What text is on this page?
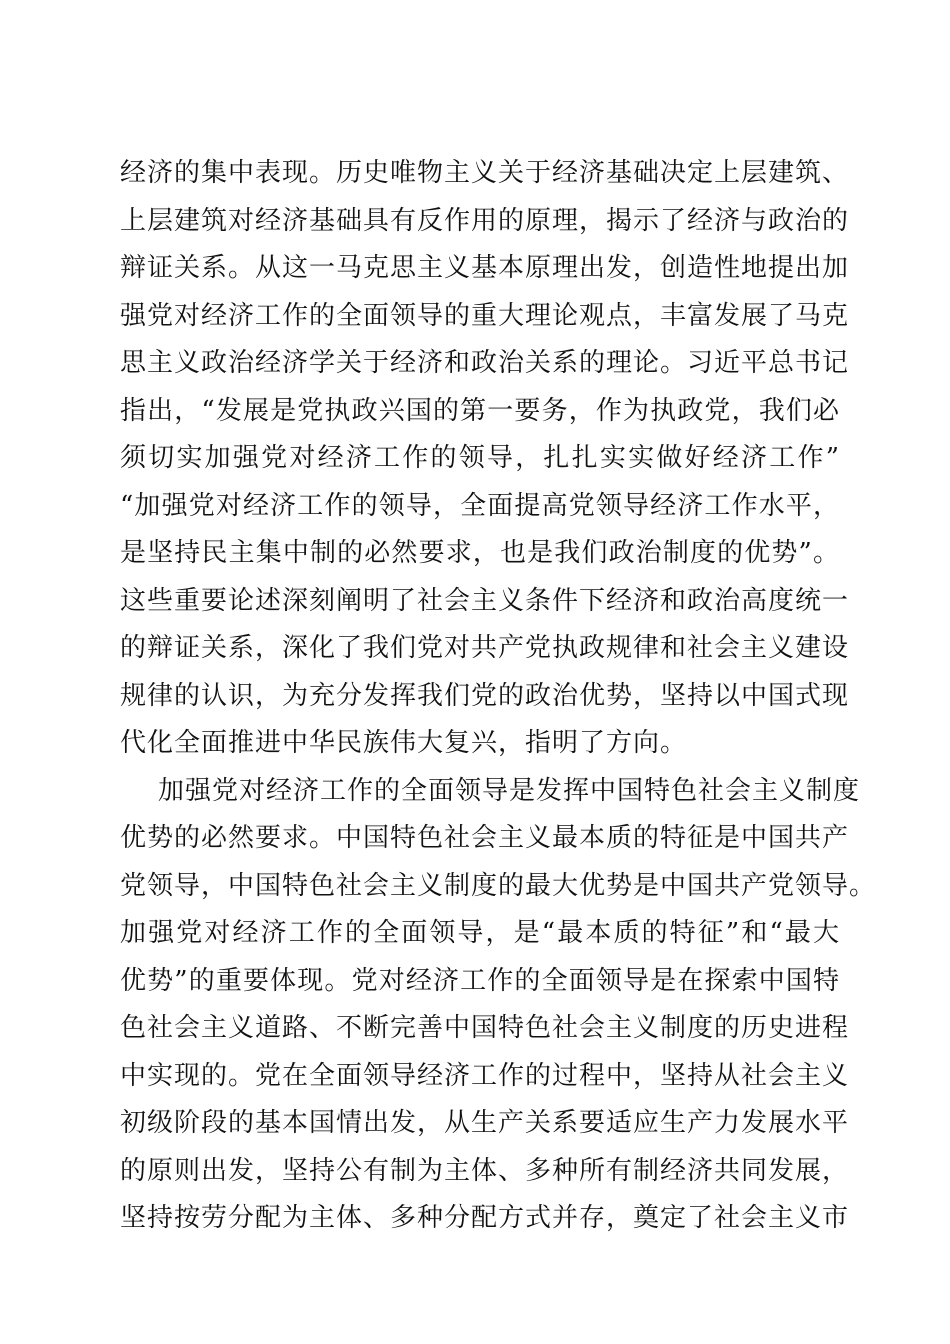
经济的集中表现。历史唯物主义关于经济基础决定上层建筑、
上层建筑对经济基础具有反作用的原理，揭示了经济与政治的
辩证关系。从这一马克思主义基本原理出发，创造性地提出加
强党对经济工作的全面领导的重大理论观点，丰富发展了马克
思主义政治经济学关于经济和政治关系的理论。习近平总书记
指出，“发展是党执政兴国的第一要务，作为执政党，我们必
须切实加强党对经济工作的领导，扎扎实实做好经济工作”
“加强党对经济工作的领导，全面提高党领导经济工作水平，
是坚持民主集中制的必然要求，也是我们政治制度的优势”。
这些重要论述深刻阐明了社会主义条件下经济和政治高度统一
的辩证关系，深化了我们党对共产党执政规律和社会主义建设
规律的认识，为充分发挥我们党的政治优势，坚持以中国式现
代化全面推进中华民族伟大复兴，指明了方向。
加强党对经济工作的全面领导是发挥中国特色社会主义制度
优势的必然要求。中国特色社会主义最本质的特征是中国共产
党领导，中国特色社会主义制度的最大优势是中国共产党领导。
加强党对经济工作的全面领导，是“最本质的特征”和“最大
优势”的重要体现。党对经济工作的全面领导是在探索中国特
色社会主义道路、不断完善中国特色社会主义制度的历史进程
中实现的。党在全面领导经济工作的过程中，坚持从社会主义
初级阶段的基本国情出发，从生产关系要适应生产力发展水平
的原则出发，坚持公有制为主体、多种所有制经济共同发展，
坚持按劳分配为主体、多种分配方式并存，奠定了社会主义市
